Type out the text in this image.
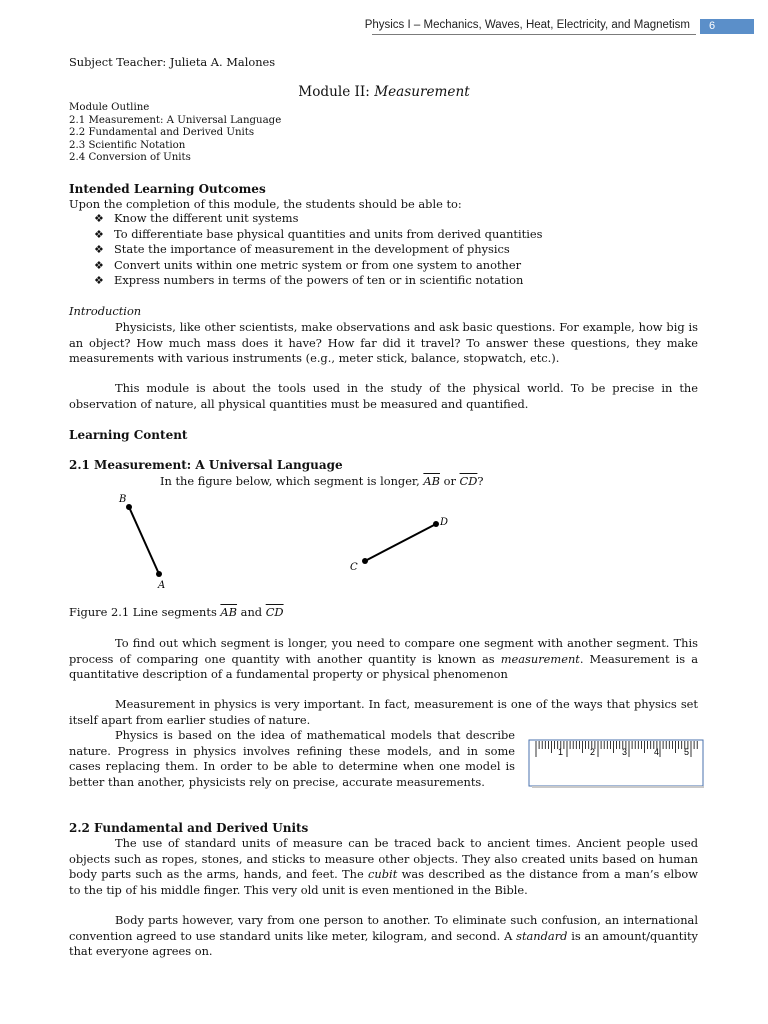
Physics I – Mechanics, Waves, Heat, Electricity, and Magnetism	6
Subject Teacher: Julieta A. Malones
Module II: Measurement
Module Outline
2.1 Measurement: A Universal Language
2.2 Fundamental and Derived Units
2.3 Scientific Notation
2.4 Conversion of Units
Intended Learning Outcomes
Upon the completion of this module, the students should be able to:
❖ Know the different unit systems
❖ To differentiate base physical quantities and units from derived quantities
❖ State the importance of measurement in the development of physics
❖ Convert units within one metric system or from one system to another
❖ Express numbers in terms of the powers of ten or in scientific notation
Introduction
Physicists, like other scientists, make observations and ask basic questions. For example, how big is an object? How much mass does it have? How far did it travel? To answer these questions, they make measurements with various instruments (e.g., meter stick, balance, stopwatch, etc.).
This module is about the tools used in the study of the physical world. To be precise in the observation of nature, all physical quantities must be measured and quantified.
Learning Content
2.1 Measurement: A Universal Language
In the figure below, which segment is longer, $\overline{AB}$ or $\overline{CD}$?
B
A
C
D
Figure 2.1 Line segments $\overline{AB}$ and $\overline{CD}$
To find out which segment is longer, you need to compare one segment with another segment. This process of comparing one quantity with another quantity is known as measurement. Measurement is a quantitative description of a fundamental property or physical phenomenon
Measurement in physics is very important. In fact, measurement is one of the ways that physics set itself apart from earlier studies of nature.
Physics is based on the idea of mathematical models that describe nature. Progress in physics involves refining these models, and in some cases replacing them. In order to be able to determine when one model is better than another, physicists rely on precise, accurate measurements.
1	2	3	4	5
2.2 Fundamental and Derived Units
The use of standard units of measure can be traced back to ancient times. Ancient people used objects such as ropes, stones, and sticks to measure other objects. They also created units based on human body parts such as the arms, hands, and feet. The cubit was described as the distance from a man’s elbow to the tip of his middle finger. This very old unit is even mentioned in the Bible.
Body parts however, vary from one person to another. To eliminate such confusion, an international convention agreed to use standard units like meter, kilogram, and second. A standard is an amount/quantity that everyone agrees on.
